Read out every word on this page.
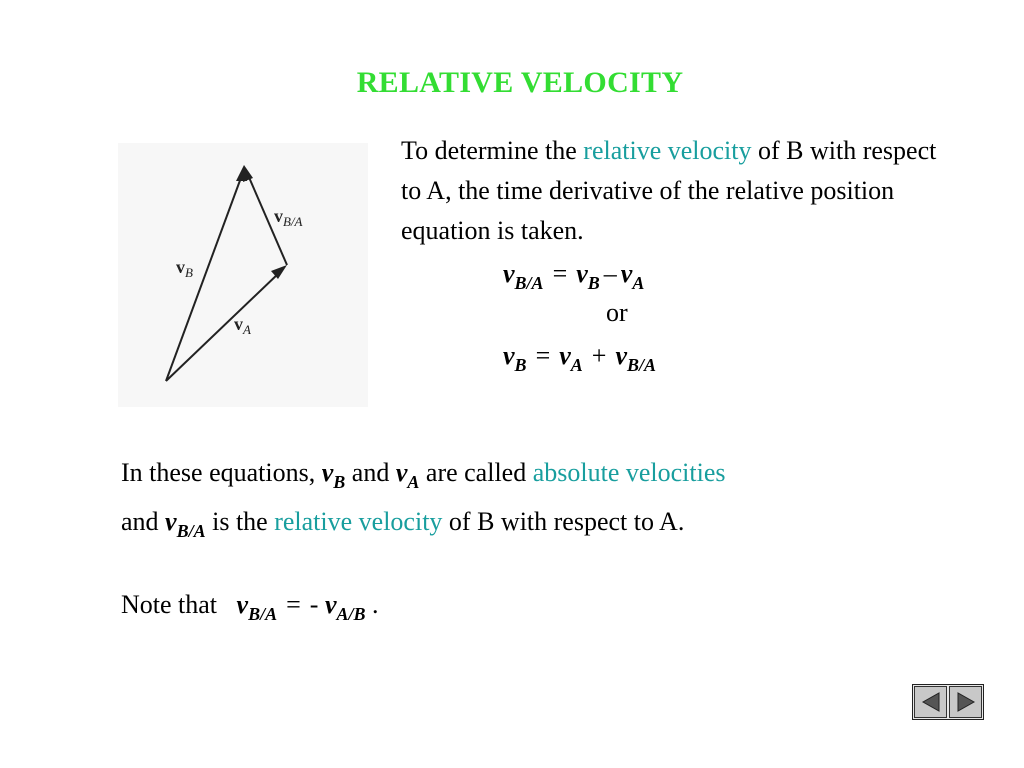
RELATIVE VELOCITY
$v_B$
$v_{B/A}$
$v_A$

To determine the relative velocity of B with respect to A, the time derivative of the relative position equation is taken.

$v_{B/A} = v_B - v_A$
or
$v_B = v_A + v_{B/A}$

In these equations, $v_B$ and $v_A$ are called absolute velocities
and $v_{B/A}$ is the relative velocity of B with respect to A.

Note that $v_{B/A}$ = - $v_{A/B}$ .
